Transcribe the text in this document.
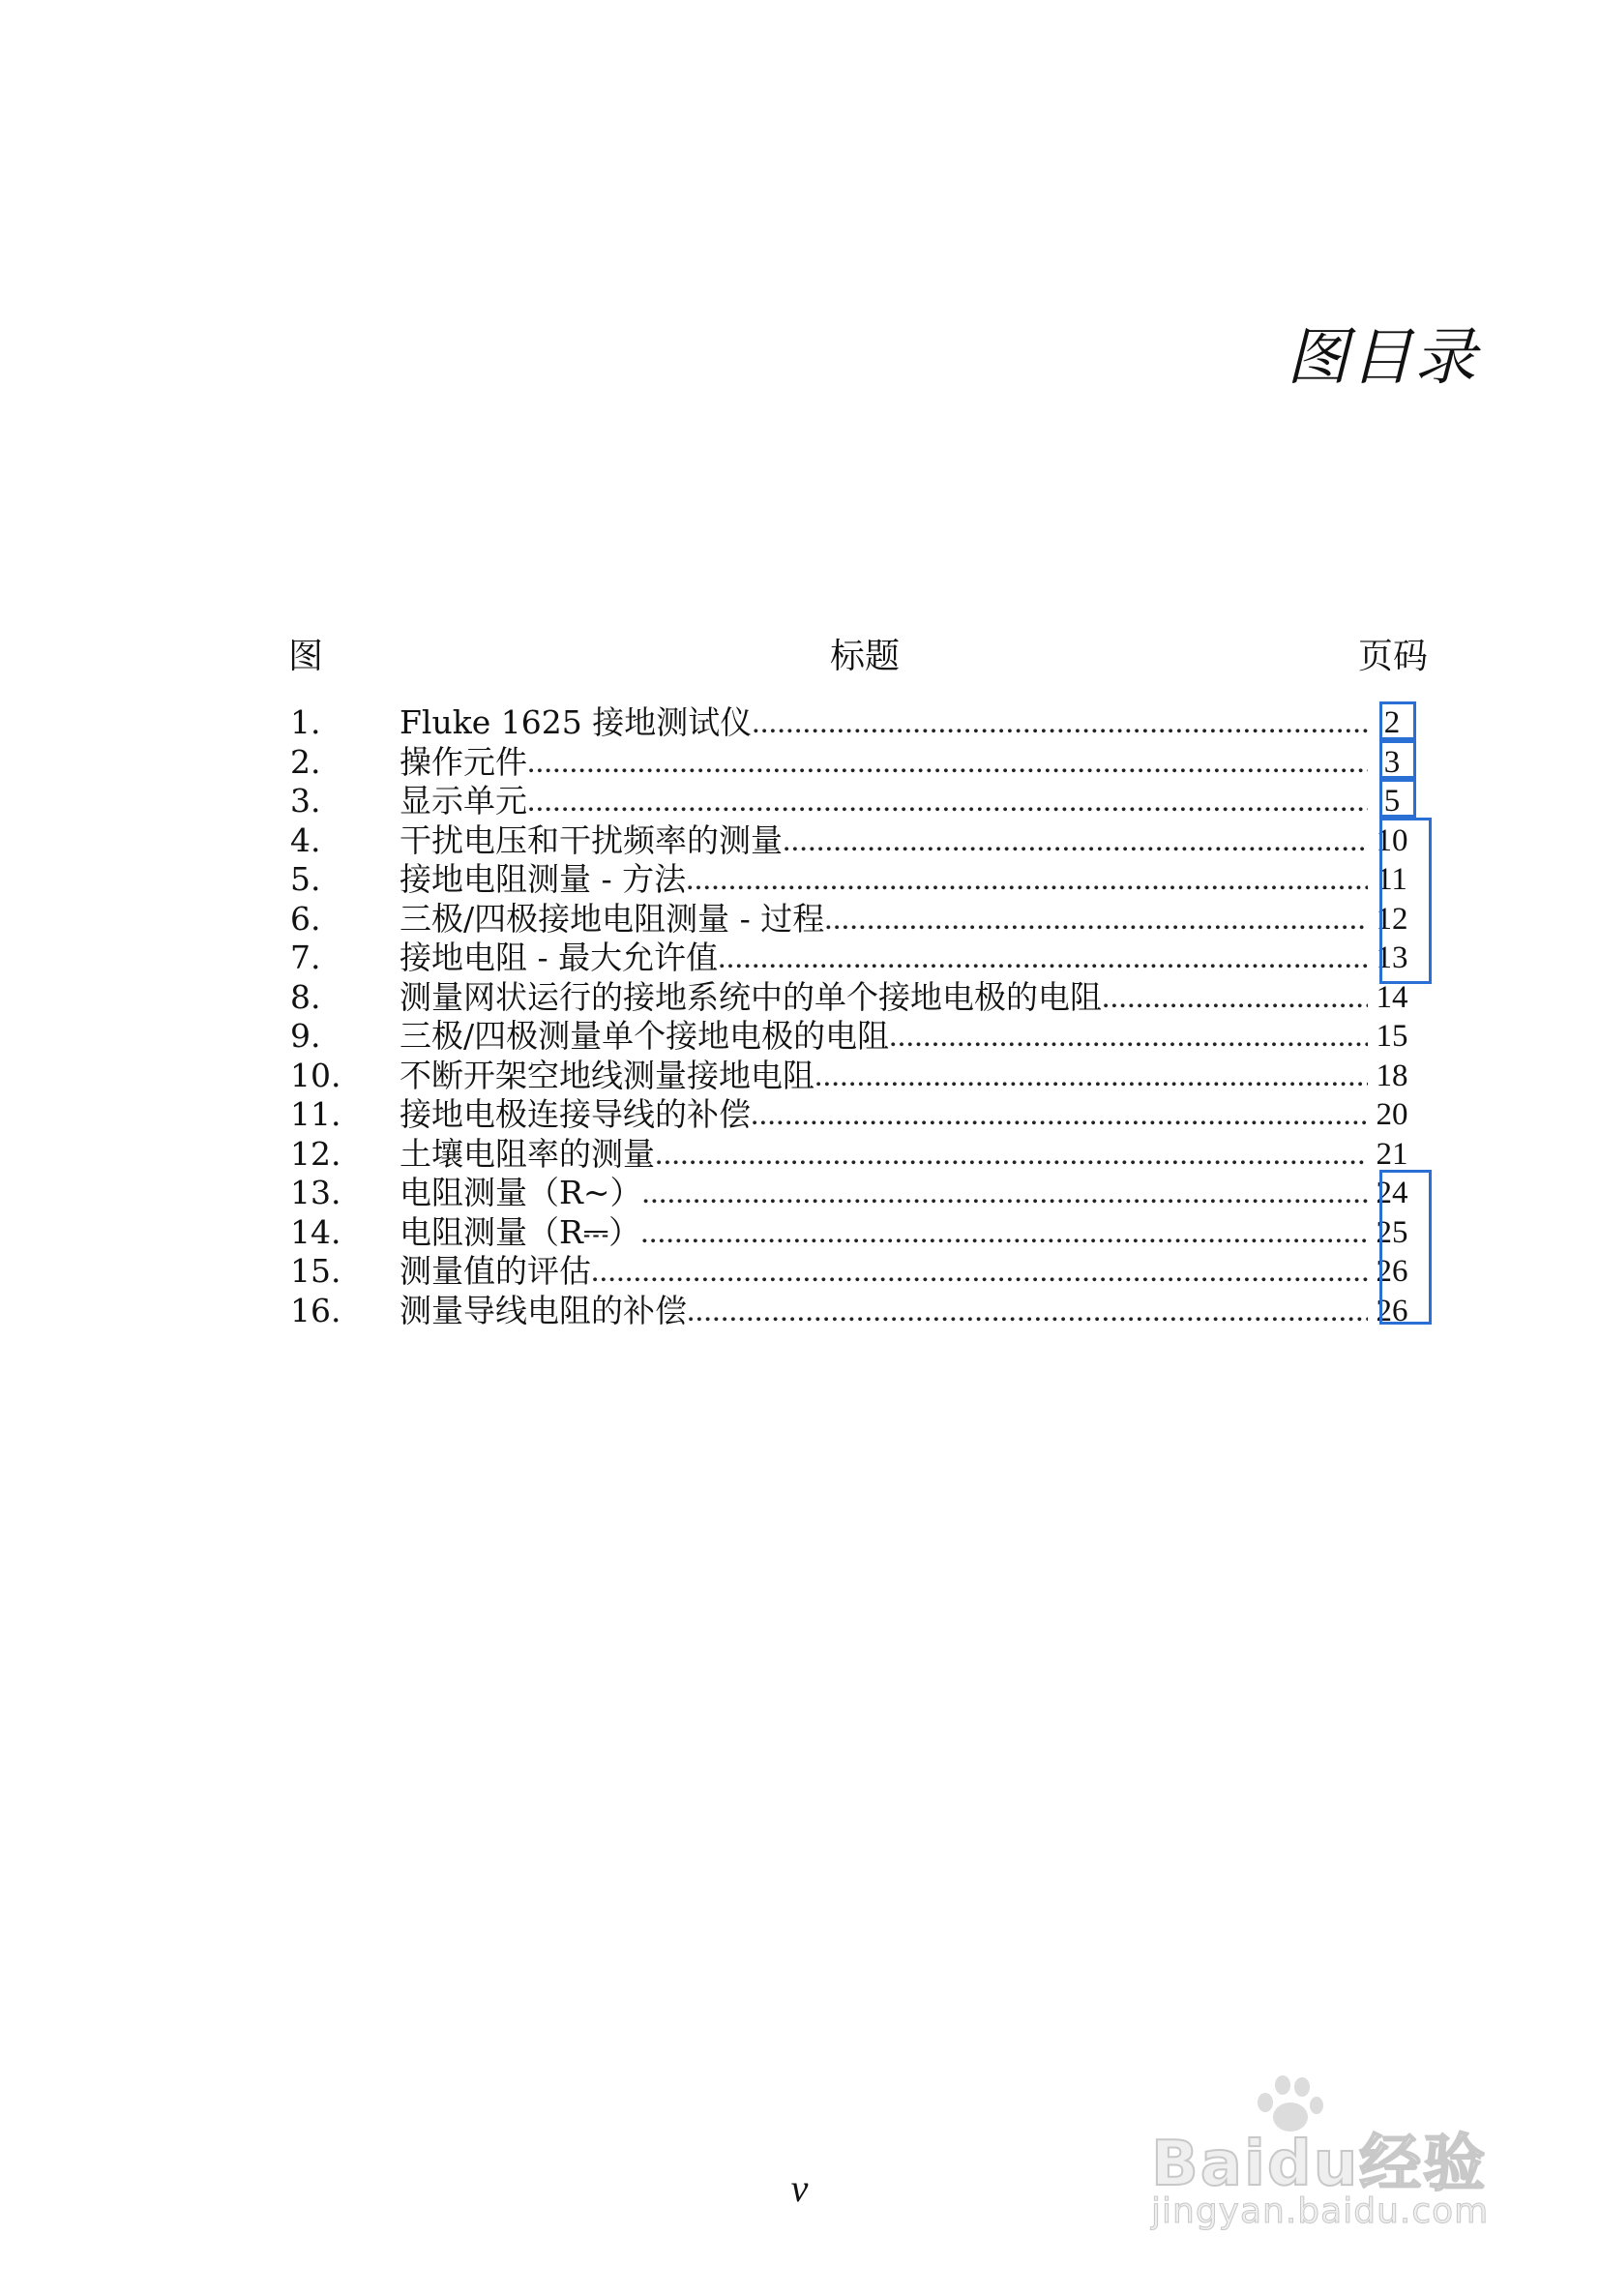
图目录
图	标题	页码
1. Fluke 1625 接地测试仪 .....	2
2. 操作元件 .....	3
3. 显示单元 .....	5
4. 干扰电压和干扰频率的测量 .....	10
5. 接地电阻测量 - 方法 .....	11
6. 三极/四极接地电阻测量 - 过程 .....	12
7. 接地电阻 - 最大允许值 .....	13
8. 测量网状运行的接地系统中的单个接地电极的电阻 .....	14
9. 三极/四极测量单个接地电极的电阻 .....	15
10. 不断开架空地线测量接地电阻 .....	18
11. 接地电极连接导线的补偿 .....	20
12. 土壤电阻率的测量 .....	21
13. 电阻测量（R~） .....	24
14. 电阻测量（R⎓） .....	25
15. 测量值的评估 .....	26
16. 测量导线电阻的补偿 .....	26
v	Baidu经验
jingyan.baidu.com
